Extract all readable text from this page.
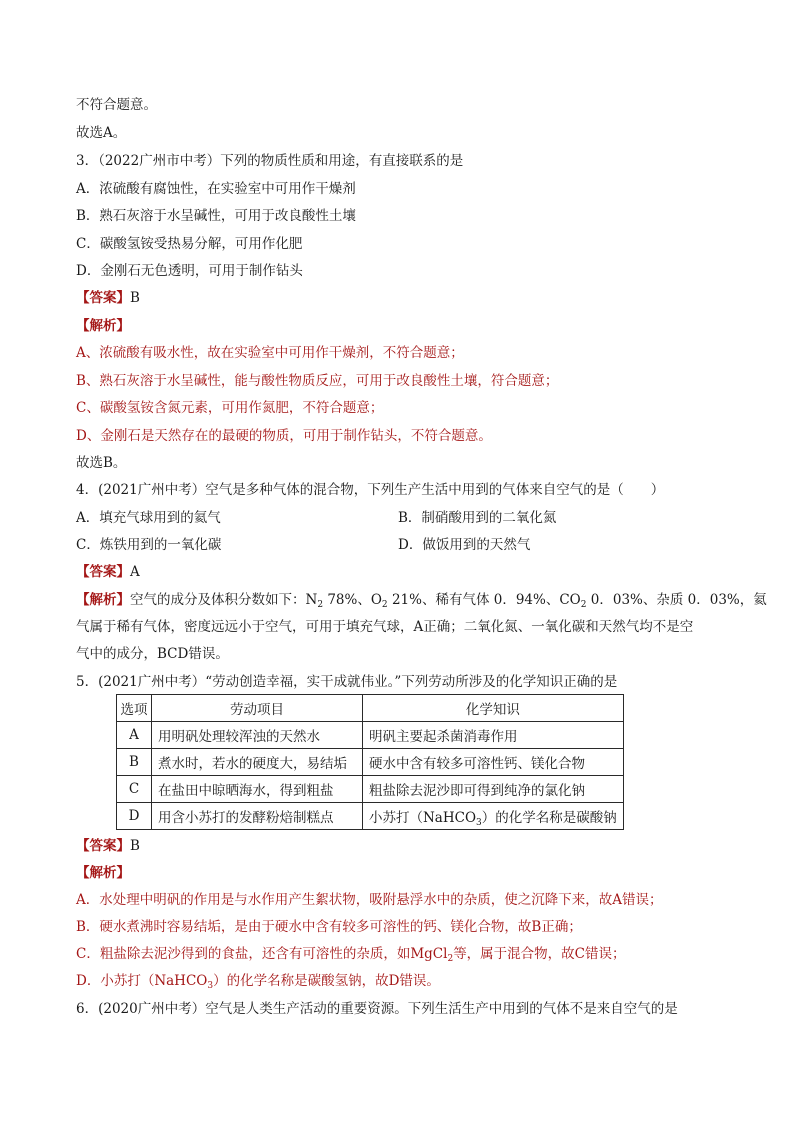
不符合题意。
故选A。
3．（2022广州市中考）下列的物质性质和用途，有直接联系的是
A．浓硫酸有腐蚀性，在实验室中可用作干燥剂
B．熟石灰溶于水呈碱性，可用于改良酸性土壤
C．碳酸氢铵受热易分解，可用作化肥
D．金刚石无色透明，可用于制作钻头
【答案】B
【解析】
A、浓硫酸有吸水性，故在实验室中可用作干燥剂，不符合题意；
B、熟石灰溶于水呈碱性，能与酸性物质反应，可用于改良酸性土壤，符合题意；
C、碳酸氢铵含氮元素，可用作氮肥，不符合题意；
D、金刚石是天然存在的最硬的物质，可用于制作钻头，不符合题意。
故选B。
4．(2021广州中考）空气是多种气体的混合物，下列生产生活中用到的气体来自空气的是（　　）
A．填充气球用到的氦气	B．制硝酸用到的二氧化氮
C．炼铁用到的一氧化碳	D．做饭用到的天然气
【答案】A
【解析】空气的成分及体积分数如下：$N_2$ 78%、$O_2$ 21%、稀有气体 0．94%、$CO_2$ 0．03%、杂质 0．03%，氦
气属于稀有气体，密度远远小于空气，可用于填充气球，A正确；二氧化氮、一氧化碳和天然气均不是空
气中的成分，BCD错误。
5．(2021广州中考）“劳动创造幸福，实干成就伟业。”下列劳动所涉及的化学知识正确的是
选项	劳动项目	化学知识
A	用明矾处理较浑浊的天然水	明矾主要起杀菌消毒作用
B	煮水时，若水的硬度大，易结垢	硬水中含有较多可溶性钙、镁化合物
C	在盐田中晾晒海水，得到粗盐	粗盐除去泥沙即可得到纯净的氯化钠
D	用含小苏打的发酵粉焙制糕点	小苏打（NaHCO$_3$）的化学名称是碳酸钠
【答案】B
【解析】
A．水处理中明矾的作用是与水作用产生絮状物，吸附悬浮水中的杂质，使之沉降下来，故A错误；
B．硬水煮沸时容易结垢，是由于硬水中含有较多可溶性的钙、镁化合物，故B正确；
C．粗盐除去泥沙得到的食盐，还含有可溶性的杂质，如MgCl$_2$等，属于混合物，故C错误；
D．小苏打（NaHCO$_3$）的化学名称是碳酸氢钠，故D错误。
6．(2020广州中考）空气是人类生产活动的重要资源。下列生活生产中用到的气体不是来自空气的是
